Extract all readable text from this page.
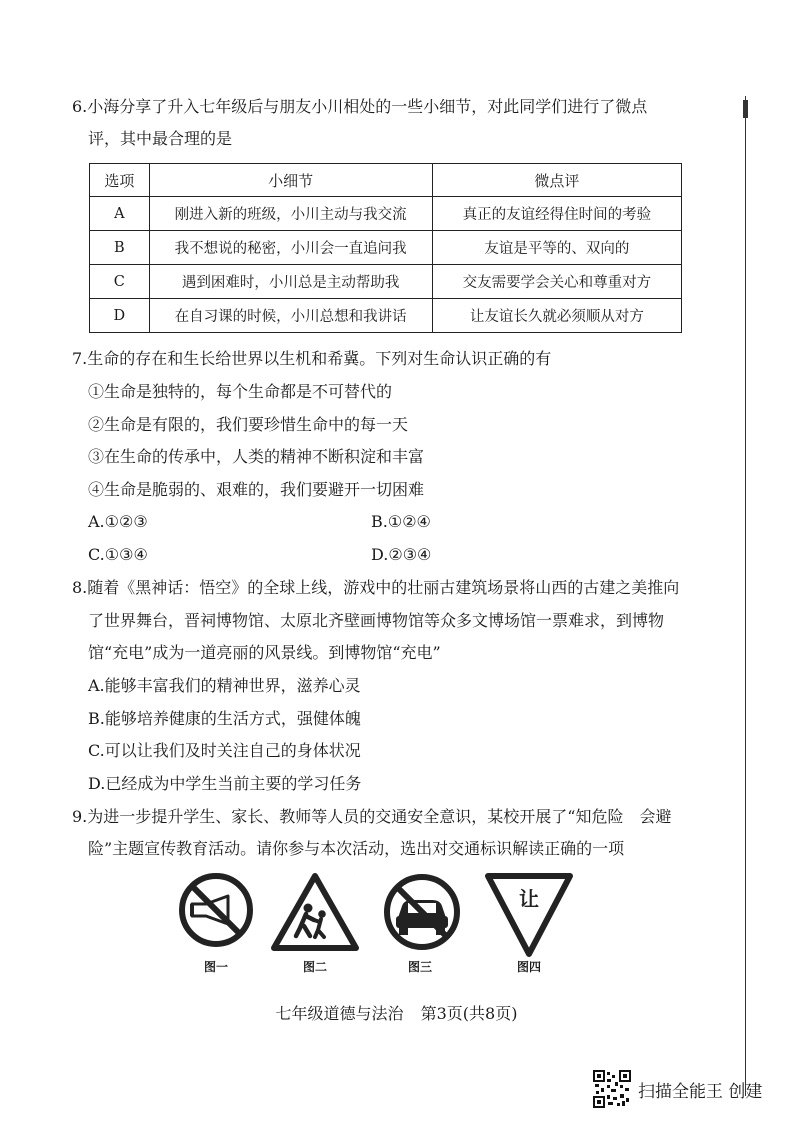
6.小海分享了升入七年级后与朋友小川相处的一些小细节，对此同学们进行了微点
评，其中最合理的是
选项	小细节	微点评
A	刚进入新的班级，小川主动与我交流	真正的友谊经得住时间的考验
B	我不想说的秘密，小川会一直追问我	友谊是平等的、双向的
C	遇到困难时，小川总是主动帮助我	交友需要学会关心和尊重对方
D	在自习课的时候，小川总想和我讲话	让友谊长久就必须顺从对方
7.生命的存在和生长给世界以生机和希冀。下列对生命认识正确的有
①生命是独特的，每个生命都是不可替代的
②生命是有限的，我们要珍惜生命中的每一天
③在生命的传承中，人类的精神不断积淀和丰富
④生命是脆弱的、艰难的，我们要避开一切困难
A.①②③	B.①②④
C.①③④	D.②③④
8.随着《黑神话：悟空》的全球上线，游戏中的壮丽古建筑场景将山西的古建之美推向
了世界舞台，晋祠博物馆、太原北齐壁画博物馆等众多文博场馆一票难求，到博物
馆“充电”成为一道亮丽的风景线。到博物馆“充电”
A.能够丰富我们的精神世界，滋养心灵
B.能够培养健康的生活方式，强健体魄
C.可以让我们及时关注自己的身体状况
D.已经成为中学生当前主要的学习任务
9.为进一步提升学生、家长、教师等人员的交通安全意识，某校开展了“知危险　会避
险”主题宣传教育活动。请你参与本次活动，选出对交通标识解读正确的一项
图一	图二	图三
让
图四
七年级道德与法治 第3页(共8页)
扫描全能王 创建
